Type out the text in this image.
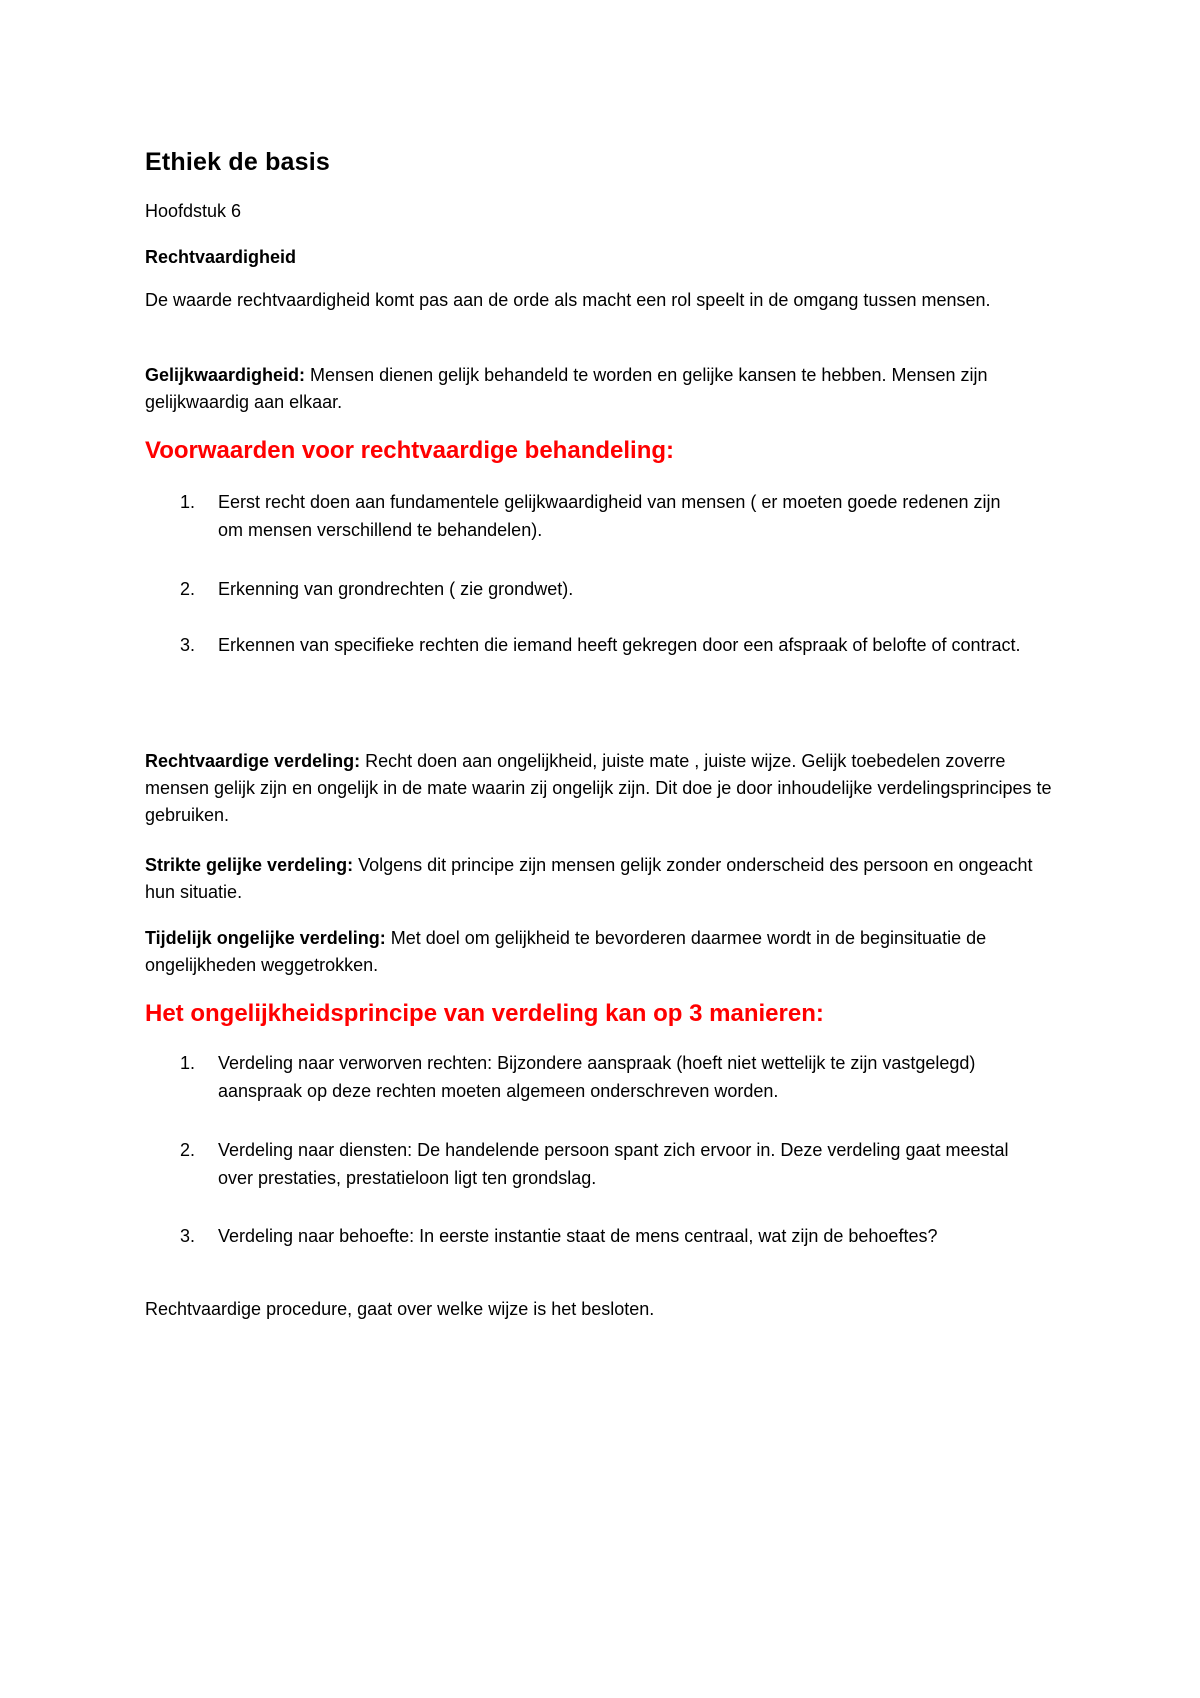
Ethiek de basis
Hoofdstuk 6
Rechtvaardigheid
De waarde rechtvaardigheid komt pas aan de orde als macht een rol speelt in de omgang tussen mensen.
Gelijkwaardigheid: Mensen dienen gelijk behandeld te worden en gelijke kansen te hebben. Mensen zijn gelijkwaardig aan elkaar.
Voorwaarden voor rechtvaardige behandeling:
1. Eerst recht doen aan fundamentele gelijkwaardigheid van mensen ( er moeten goede redenen zijn om mensen verschillend te behandelen).
2. Erkenning van grondrechten ( zie grondwet).
3. Erkennen van specifieke rechten die iemand heeft gekregen door een afspraak of belofte of contract.
Rechtvaardige verdeling: Recht doen aan ongelijkheid, juiste mate , juiste wijze. Gelijk toebedelen zoverre mensen gelijk zijn en ongelijk in de mate waarin zij ongelijk zijn. Dit doe je door inhoudelijke verdelingsprincipes te gebruiken.
Strikte gelijke verdeling: Volgens dit principe zijn mensen gelijk zonder onderscheid des persoon en ongeacht hun situatie.
Tijdelijk ongelijke verdeling: Met doel om gelijkheid te bevorderen daarmee wordt in de beginsituatie de ongelijkheden weggetrokken.
Het ongelijkheidsprincipe van verdeling kan op 3 manieren:
1. Verdeling naar verworven rechten: Bijzondere aanspraak (hoeft niet wettelijk te zijn vastgelegd) aanspraak op deze rechten moeten algemeen onderschreven worden.
2. Verdeling naar diensten: De handelende persoon spant zich ervoor in. Deze verdeling gaat meestal over prestaties, prestatieloon ligt ten grondslag.
3. Verdeling naar behoefte: In eerste instantie staat de mens centraal, wat zijn de behoeftes?
Rechtvaardige procedure, gaat over welke wijze is het besloten.
